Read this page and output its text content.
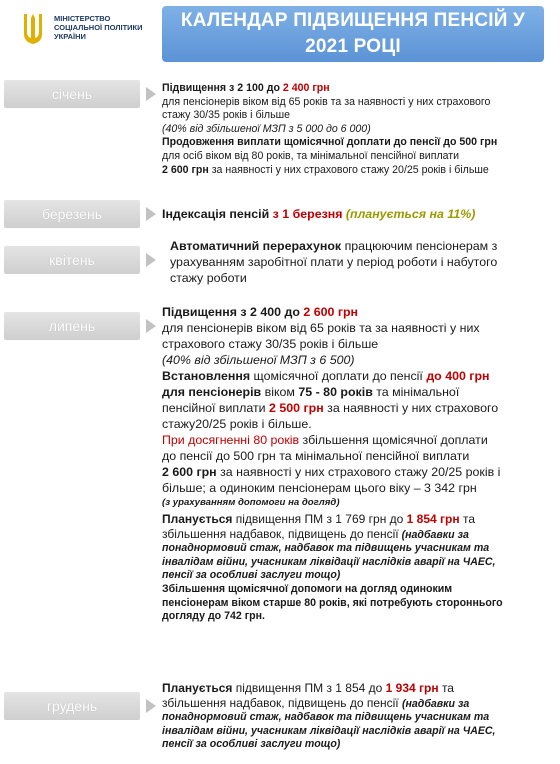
МІНІСТЕРСТВО СОЦІАЛЬНОЇ ПОЛІТИКИ УКРАЇНИ
КАЛЕНДАР ПІДВИЩЕННЯ ПЕНСІЙ У
2021 РОЦІ
січень	Підвищення з 2 100 до 2 400 грн

для пенсіонерів віком від 65 років та за наявності у них страхового

стажу 30/35 років і більше

(40% від збільшеної МЗП з 5 000 до 6 000)

Продовження виплати щомісячної доплати до пенсії до 500 грн

для осіб віком від 80 років, та мінімальної пенсійної виплати

2 600 грн за наявності у них страхового стажу 20/25 років і більше

березень	Індексація пенсій з 1 березня (планується на 11%)

квітень

Автоматичний перерахунок працюючим пенсіонерам з

урахуванням заробітної плати у період роботи і набутого

стажу роботи

липень

Підвищення з 2 400 до 2 600 грн

для пенсіонерів віком від 65 років та за наявності у них

страхового стажу 30/35 років і більше

(40% від збільшеної МЗП з 6 500)

Встановлення щомісячної доплати до пенсії до 400 грн

для пенсіонерів віком 75 - 80 років та мінімальної

пенсійної виплати 2 500 грн за наявності у них страхового

стажу20/25 років і більше.

При досягненні 80 років збільшення щомісячної доплати

до пенсії до 500 грн та мінімальної пенсійної виплати

2 600 грн за наявності у них страхового стажу 20/25 років і

більше; а одиноким пенсіонерам цього віку – 3 342 грн

(з урахуванням допомоги на догляд)

Планується підвищення ПМ з 1 769 грн до 1 854 грн та

збільшення надбавок, підвищень до пенсії (надбавки за

понаднормовий стаж, надбавок та підвищень учасникам та

інвалідам війни, учасникам ліквідації наслідків аварії на ЧАЕС,

пенсії за особливі заслуги тощо)

Збільшення щомісячної допомоги на догляд одиноким

пенсіонерам віком старше 80 років, які потребують стороннього

догляду до 742 грн.

грудень

Планується підвищення ПМ з 1 854 до 1 934 грн та

збільшення надбавок, підвищень до пенсії (надбавки за

понаднормовий стаж, надбавок та підвищень учасникам та

інвалідам війни, учасникам ліквідації наслідків аварії на ЧАЕС,

пенсії за особливі заслуги тощо)
